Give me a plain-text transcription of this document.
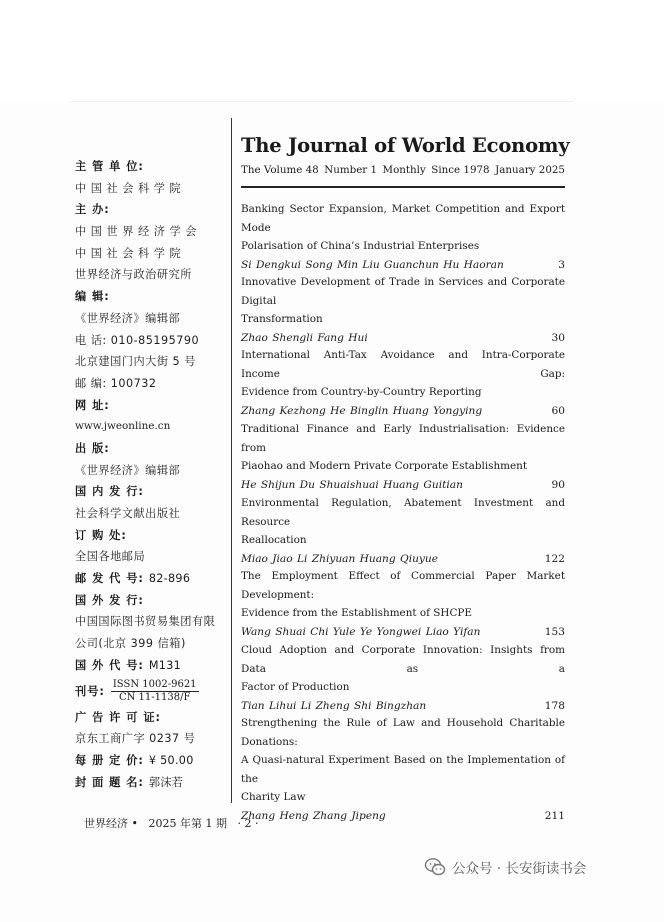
主 管 单 位:
中 国 社 会 科 学 院
主 办:
中 国 世 界 经 济 学 会
中 国 社 会 科 学 院
世界经济与政治研究所
编 辑:
《世界经济》编辑部
电 话: 010-85195790
北京建国门内大街 5 号
邮 编: 100732
网 址:
www.jweonline.cn
出 版:
《世界经济》编辑部
国 内 发 行:
社会科学文献出版社
订 购 处:
全国各地邮局
邮 发 代 号: 82-896
国 外 发 行:
中国国际图书贸易集团有限
公司(北京 399 信箱)
国 外 代 号: M131
刊号: $\frac{\text{ISSN 1002-9621}}{CN 11-1138/F}$
广 告 许 可 证:
京东工商广字 0237 号
每 册 定 价: ¥ 50.00
封 面 题 名: 郭沫若
The Journal of World Economy
The Volume 48 Number 1 Monthly Since 1978 January 2025
Banking Sector Expansion, Market Competition and Export Mode
Polarisation of China’s Industrial Enterprises
Si Dengkui Song Min Liu Guanchun Hu Haoran	3
Innovative Development of Trade in Services and Corporate Digital
Transformation
Zhao Shengli Fang Hui	30
International Anti-Tax Avoidance and Intra-Corporate Income Gap:
Evidence from Country-by-Country Reporting
Zhang Kezhong He Binglin Huang Yongying	60
Traditional Finance and Early Industrialisation: Evidence from
Piaohao and Modern Private Corporate Establishment
He Shijun Du Shuaishuai Huang Guitian	90
Environmental Regulation, Abatement Investment and Resource
Reallocation
Miao Jiao Li Zhiyuan Huang Qiuyue	122
The Employment Effect of Commercial Paper Market Development:
Evidence from the Establishment of SHCPE
Wang Shuai Chi Yule Ye Yongwei Liao Yifan	153
Cloud Adoption and Corporate Innovation: Insights from Data as a
Factor of Production
Tian Lihui Li Zheng Shi Bingzhan	178
Strengthening the Rule of Law and Household Charitable Donations:
A Quasi-natural Experiment Based on the Implementation of the
Charity Law
Zhang Heng Zhang Jipeng	211
世界经济 • 2025 年第 1 期 · 2 ·
公众号 · 长安街读书会
